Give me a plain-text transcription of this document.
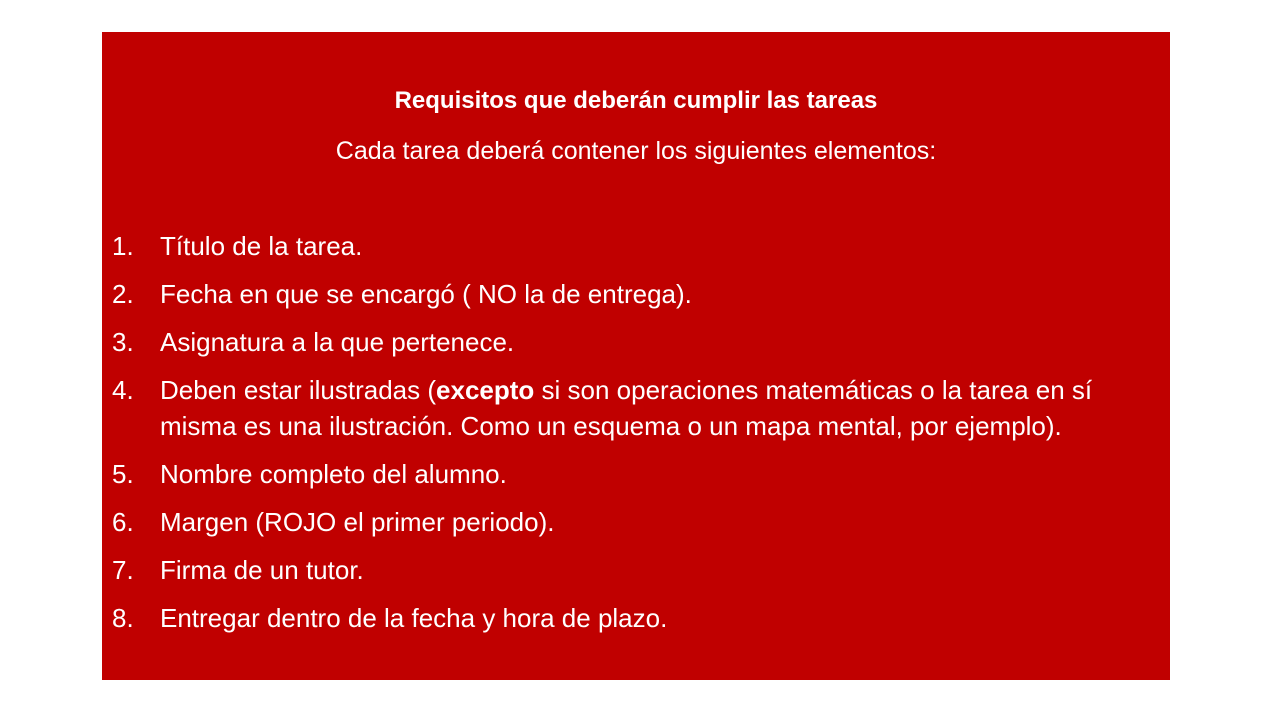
Requisitos que deberán cumplir las tareas
Cada tarea deberá contener los siguientes elementos:
1. Título de la tarea.
2. Fecha en que se encargó ( NO la de entrega).
3. Asignatura a la que pertenece.
4. Deben estar ilustradas (excepto si son operaciones matemáticas o la tarea en sí misma es una ilustración. Como un esquema o un mapa mental, por ejemplo).
5. Nombre completo del alumno.
6. Margen (ROJO el primer periodo).
7. Firma de un tutor.
8. Entregar dentro de la fecha y hora de plazo.
